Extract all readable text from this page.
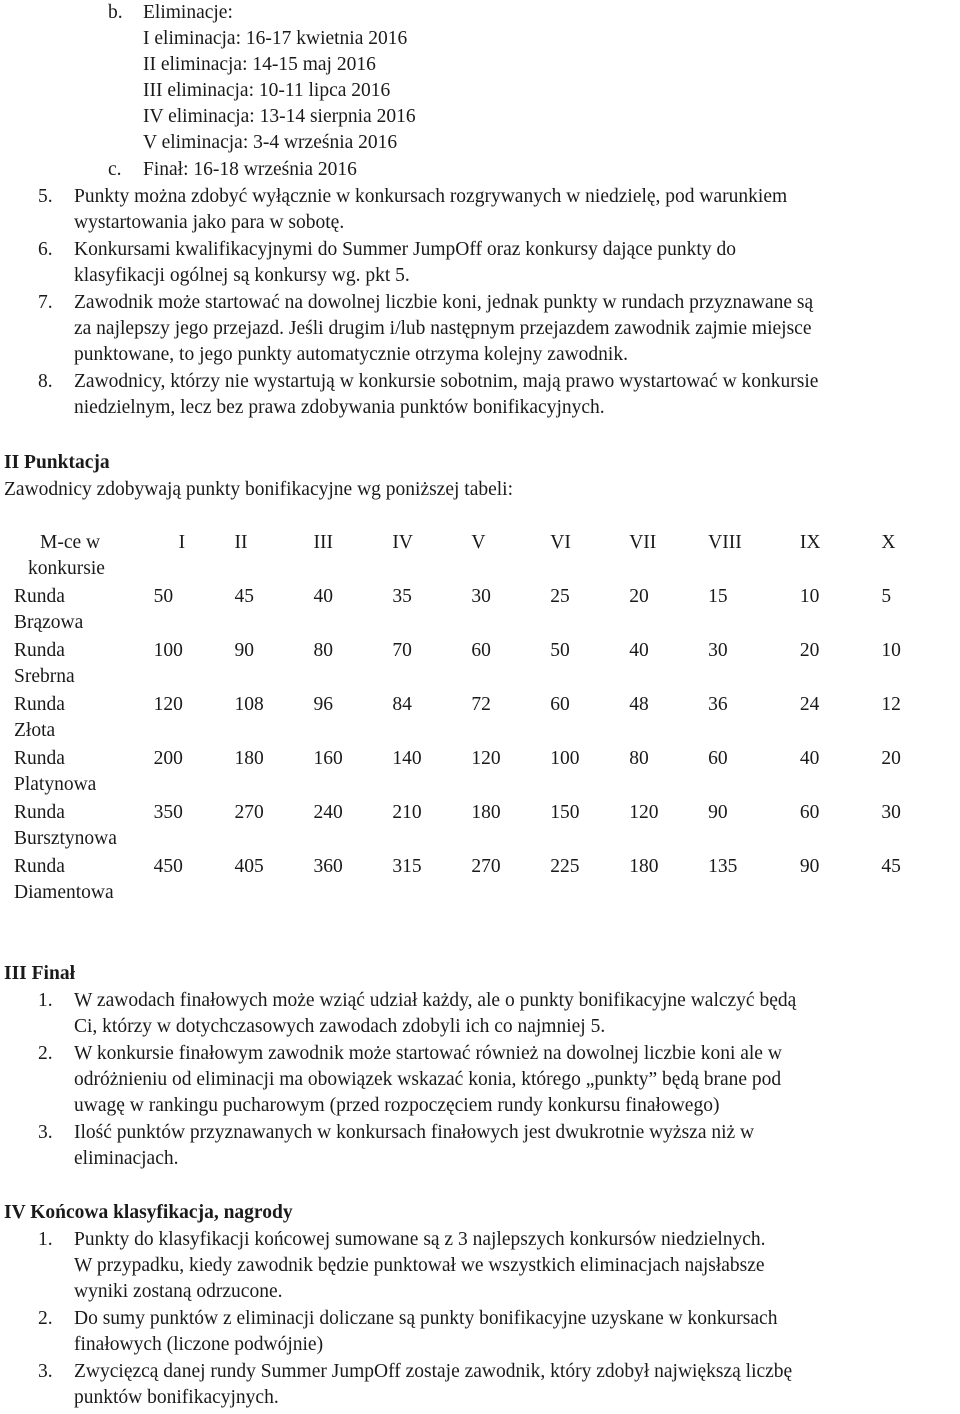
b. Eliminacje:
I eliminacja: 16-17 kwietnia 2016
II eliminacja: 14-15 maj 2016
III eliminacja: 10-11 lipca 2016
IV eliminacja: 13-14 sierpnia 2016
V eliminacja: 3-4 września 2016
c. Finał: 16-18 września 2016
5. Punkty można zdobyć wyłącznie w konkursach rozgrywanych w niedzielę, pod warunkiem
wystartowania jako para w sobotę.
6. Konkursami kwalifikacyjnymi do Summer JumpOff oraz konkursy dające punkty do
klasyfikacji ogólnej są konkursy wg. pkt 5.
7. Zawodnik może startować na dowolnej liczbie koni, jednak punkty w rundach przyznawane są
za najlepszy jego przejazd. Jeśli drugim i/lub następnym przejazdem zawodnik zajmie miejsce
punktowane, to jego punkty automatycznie otrzyma kolejny zawodnik.
8. Zawodnicy, którzy nie wystartują w konkursie sobotnim, mają prawo wystartować w konkursie
niedzielnym, lecz bez prawa zdobywania punktów bonifikacyjnych.
II Punktacja
Zawodnicy zdobywają punkty bonifikacyjne wg poniższej tabeli:
M-ce w
konkursie	I	II	III	IV	V	VI	VII	VIII	IX	X

Runda
Brązowa	50	45	40	35	30	25	20	15	10	5

Runda
Srebrna	100	90	80	70	60	50	40	30	20	10

Runda
Złota	120	108	96	84	72	60	48	36	24	12

Runda
Platynowa	200	180	160	140	120	100	80	60	40	20

Runda
Bursztynowa	350	270	240	210	180	150	120	90	60	30

Runda
Diamentowa	450	405	360	315	270	225	180	135	90	45
III Finał
1. W zawodach finałowych może wziąć udział każdy, ale o punkty bonifikacyjne walczyć będą
Ci, którzy w dotychczasowych zawodach zdobyli ich co najmniej 5.
2. W konkursie finałowym zawodnik może startować również na dowolnej liczbie koni ale w
odróżnieniu od eliminacji ma obowiązek wskazać konia, którego „punkty” będą brane pod
uwagę w rankingu pucharowym (przed rozpoczęciem rundy konkursu finałowego)
3. Ilość punktów przyznawanych w konkursach finałowych jest dwukrotnie wyższa niż w
eliminacjach.
IV Końcowa klasyfikacja, nagrody
1. Punkty do klasyfikacji końcowej sumowane są z 3 najlepszych konkursów niedzielnych.
W przypadku, kiedy zawodnik będzie punktował we wszystkich eliminacjach najsłabsze
wyniki zostaną odrzucone.
2. Do sumy punktów z eliminacji doliczane są punkty bonifikacyjne uzyskane w konkursach
finałowych (liczone podwójnie)
3. Zwycięzcą danej rundy Summer JumpOff zostaje zawodnik, który zdobył największą liczbę
punktów bonifikacyjnych.
